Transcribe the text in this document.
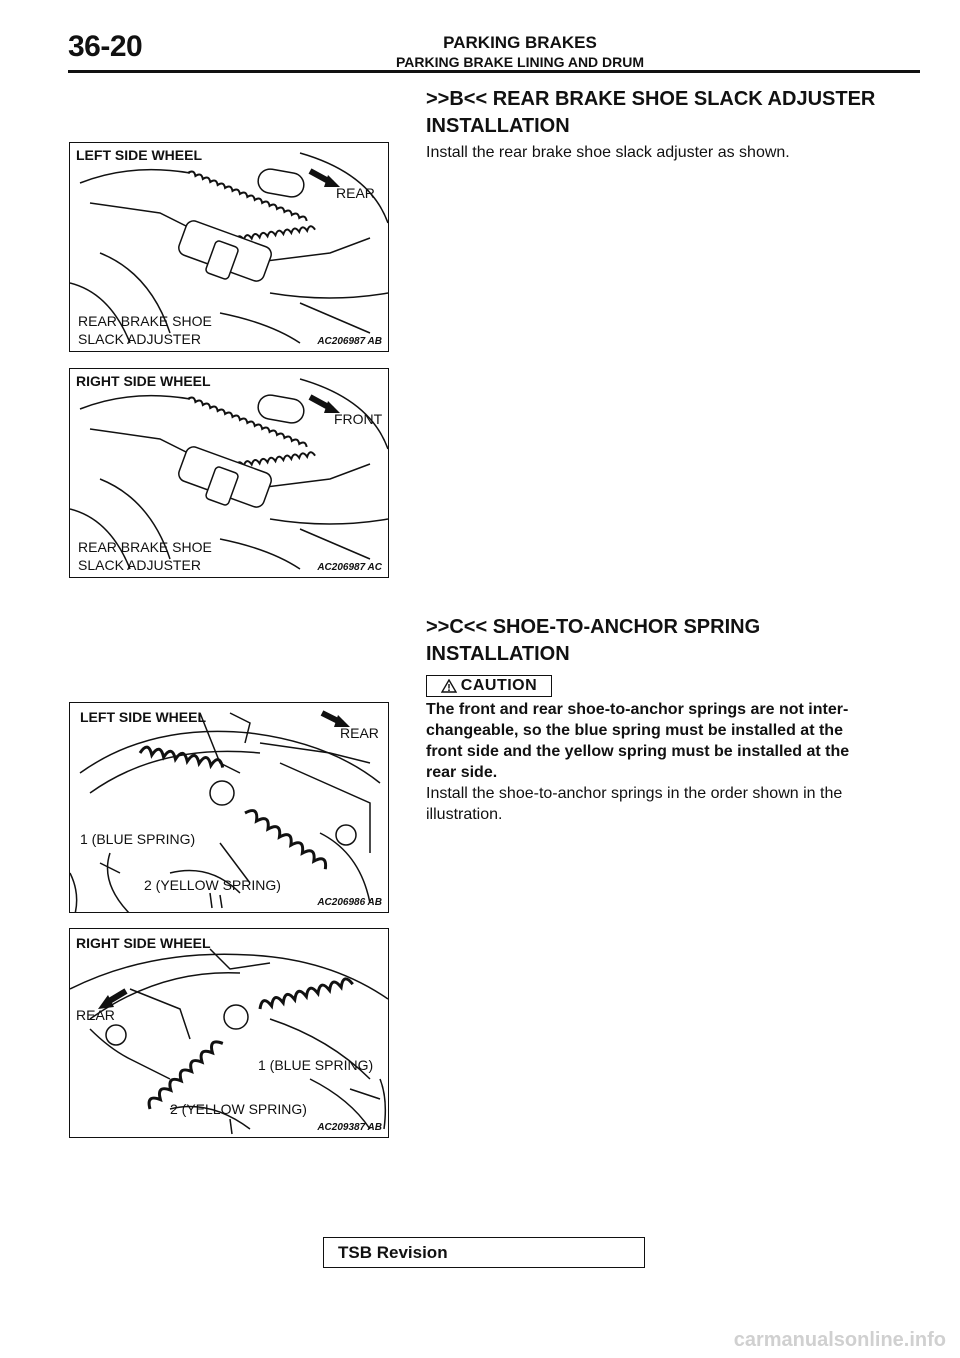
36-20	PARKING BRAKES
PARKING BRAKE LINING AND DRUM
>>B<< REAR BRAKE SHOE SLACK ADJUSTER
INSTALLATION
Install the rear brake shoe slack adjuster as shown.
LEFT SIDE WHEEL
REAR
REAR BRAKE SHOE
SLACK ADJUSTER	AC206987 AB
RIGHT SIDE WHEEL
FRONT
REAR BRAKE SHOE
SLACK ADJUSTER	AC206987 AC
>>C<< SHOE-TO-ANCHOR SPRING
INSTALLATION
CAUTION
The front and rear shoe-to-anchor springs are not inter-
changeable, so the blue spring must be installed at the
front side and the yellow spring must be installed at the
rear side.
Install the shoe-to-anchor springs in the order shown in the
illustration.
LEFT SIDE WHEEL
REAR
1 (BLUE SPRING)
2 (YELLOW SPRING)
AC206986 AB
RIGHT SIDE WHEEL
REAR
1 (BLUE SPRING)
2 (YELLOW SPRING)
AC209387 AB
TSB Revision
carmanualsonline.info
